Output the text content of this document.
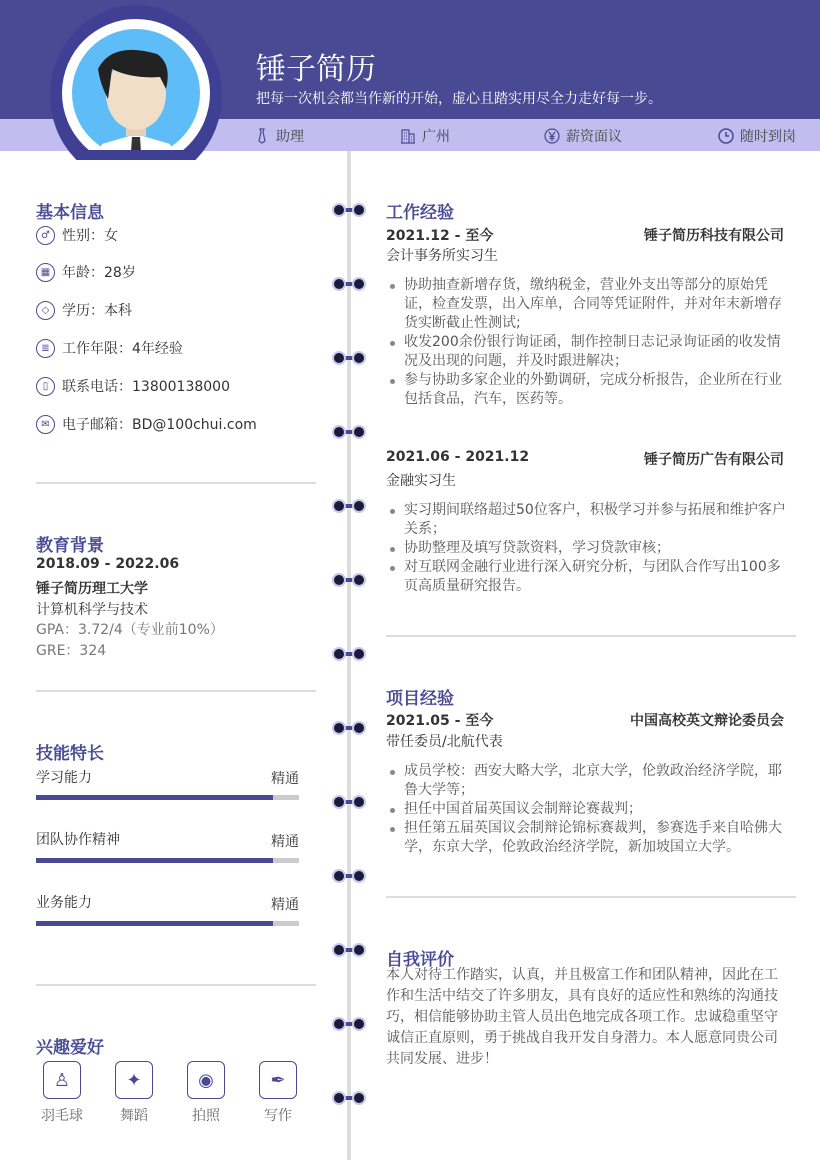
锤子简历
把每一次机会都当作新的开始，虚心且踏实用尽全力走好每一步。
助理	广州	薪资面议	随时到岗
基本信息
♂ 性别：女
▦ 年龄：28岁
◇ 学历：本科
≣ 工作年限：4年经验
▯ 联系电话：13800138000
✉ 电子邮箱：BD@100chui.com
教育背景
2018.09 - 2022.06
锤子简历理工大学
计算机科学与技术
GPA：3.72/4（专业前10%）
GRE：324
技能特长
学习能力	精通
团队协作精神	精通
业务能力	精通
兴趣爱好
♙
羽毛球
✦
舞蹈
◉
拍照
✒
写作
工作经验
2021.12 - 至今	锤子简历科技有限公司
会计事务所实习生
协助抽查新增存货，缴纳税金，营业外支出等部分的原始凭证，检查发票，出入库单，合同等凭证附件，并对年末新增存货实断截止性测试;
收发200余份银行询证函，制作控制日志记录询证函的收发情况及出现的问题，并及时跟进解决；
参与协助多家企业的外勤调研，完成分析报告，企业所在行业包括食品，汽车，医药等。
2021.06 - 2021.12	锤子简历广告有限公司
金融实习生
实习期间联络超过50位客户，积极学习并参与拓展和维护客户关系；
协助整理及填写贷款资料，学习贷款审核；
对互联网金融行业进行深入研究分析，与团队合作写出100多页高质量研究报告。
项目经验
2021.05 - 至今	中国高校英文辩论委员会
带任委员/北航代表
成员学校：西安大略大学，北京大学，伦敦政治经济学院，耶鲁大学等；
担任中国首届英国议会制辩论赛裁判；
担任第五届英国议会制辩论锦标赛裁判，参赛选手来自哈佛大学，东京大学，伦敦政治经济学院，新加坡国立大学。
自我评价
本人对待工作踏实，认真，并且极富工作和团队精神，因此在工作和生活中结交了许多朋友，具有良好的适应性和熟练的沟通技巧，相信能够协助主管人员出色地完成各项工作。忠诚稳重坚守诚信正直原则，勇于挑战自我开发自身潜力。本人愿意同贵公司共同发展、进步！
